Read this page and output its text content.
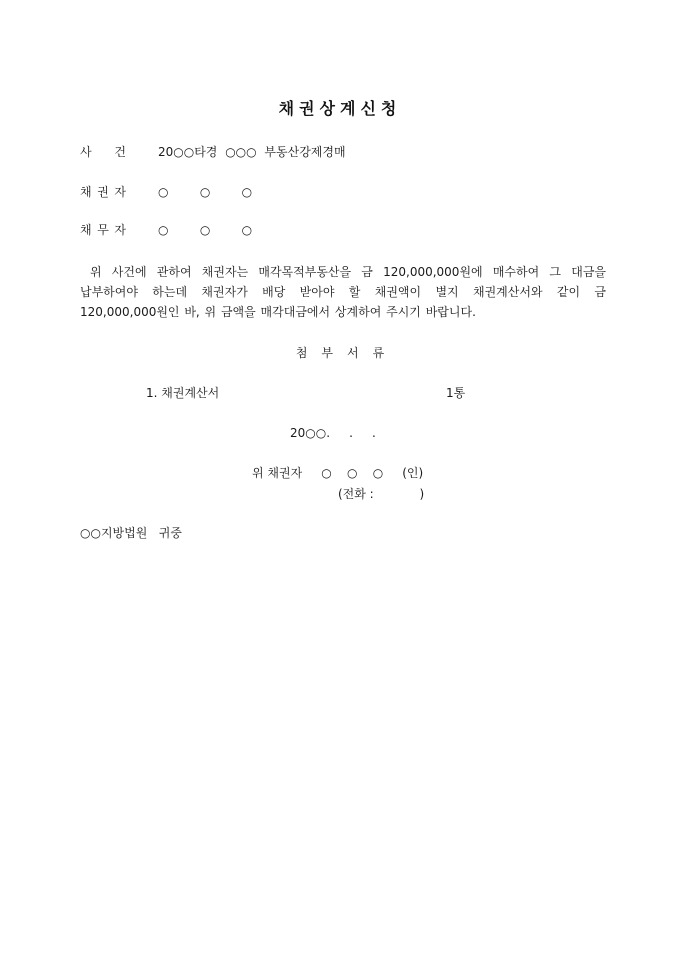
채권상계신청
사 건	20○○타경 ○○○ 부동산강제경매
채 권 자	○	○	○
채 무 자	○	○	○
위 사건에 관하여 채권자는 매각목적부동산을 금 120,000,000원에 매수하여 그 대금을
납부하여야 하는데 채권자가 배당 받아야 할 채권액이 별지 채권계산서와 같이 금
120,000,000원인 바, 위 금액을 매각대금에서 상계하여 주시기 바랍니다.
첨부서류
1. 채권계산서	1통
20○○.     .     .
위 채권자     ○    ○    ○     (인)
(전화 :            )
○○지방법원   귀중
